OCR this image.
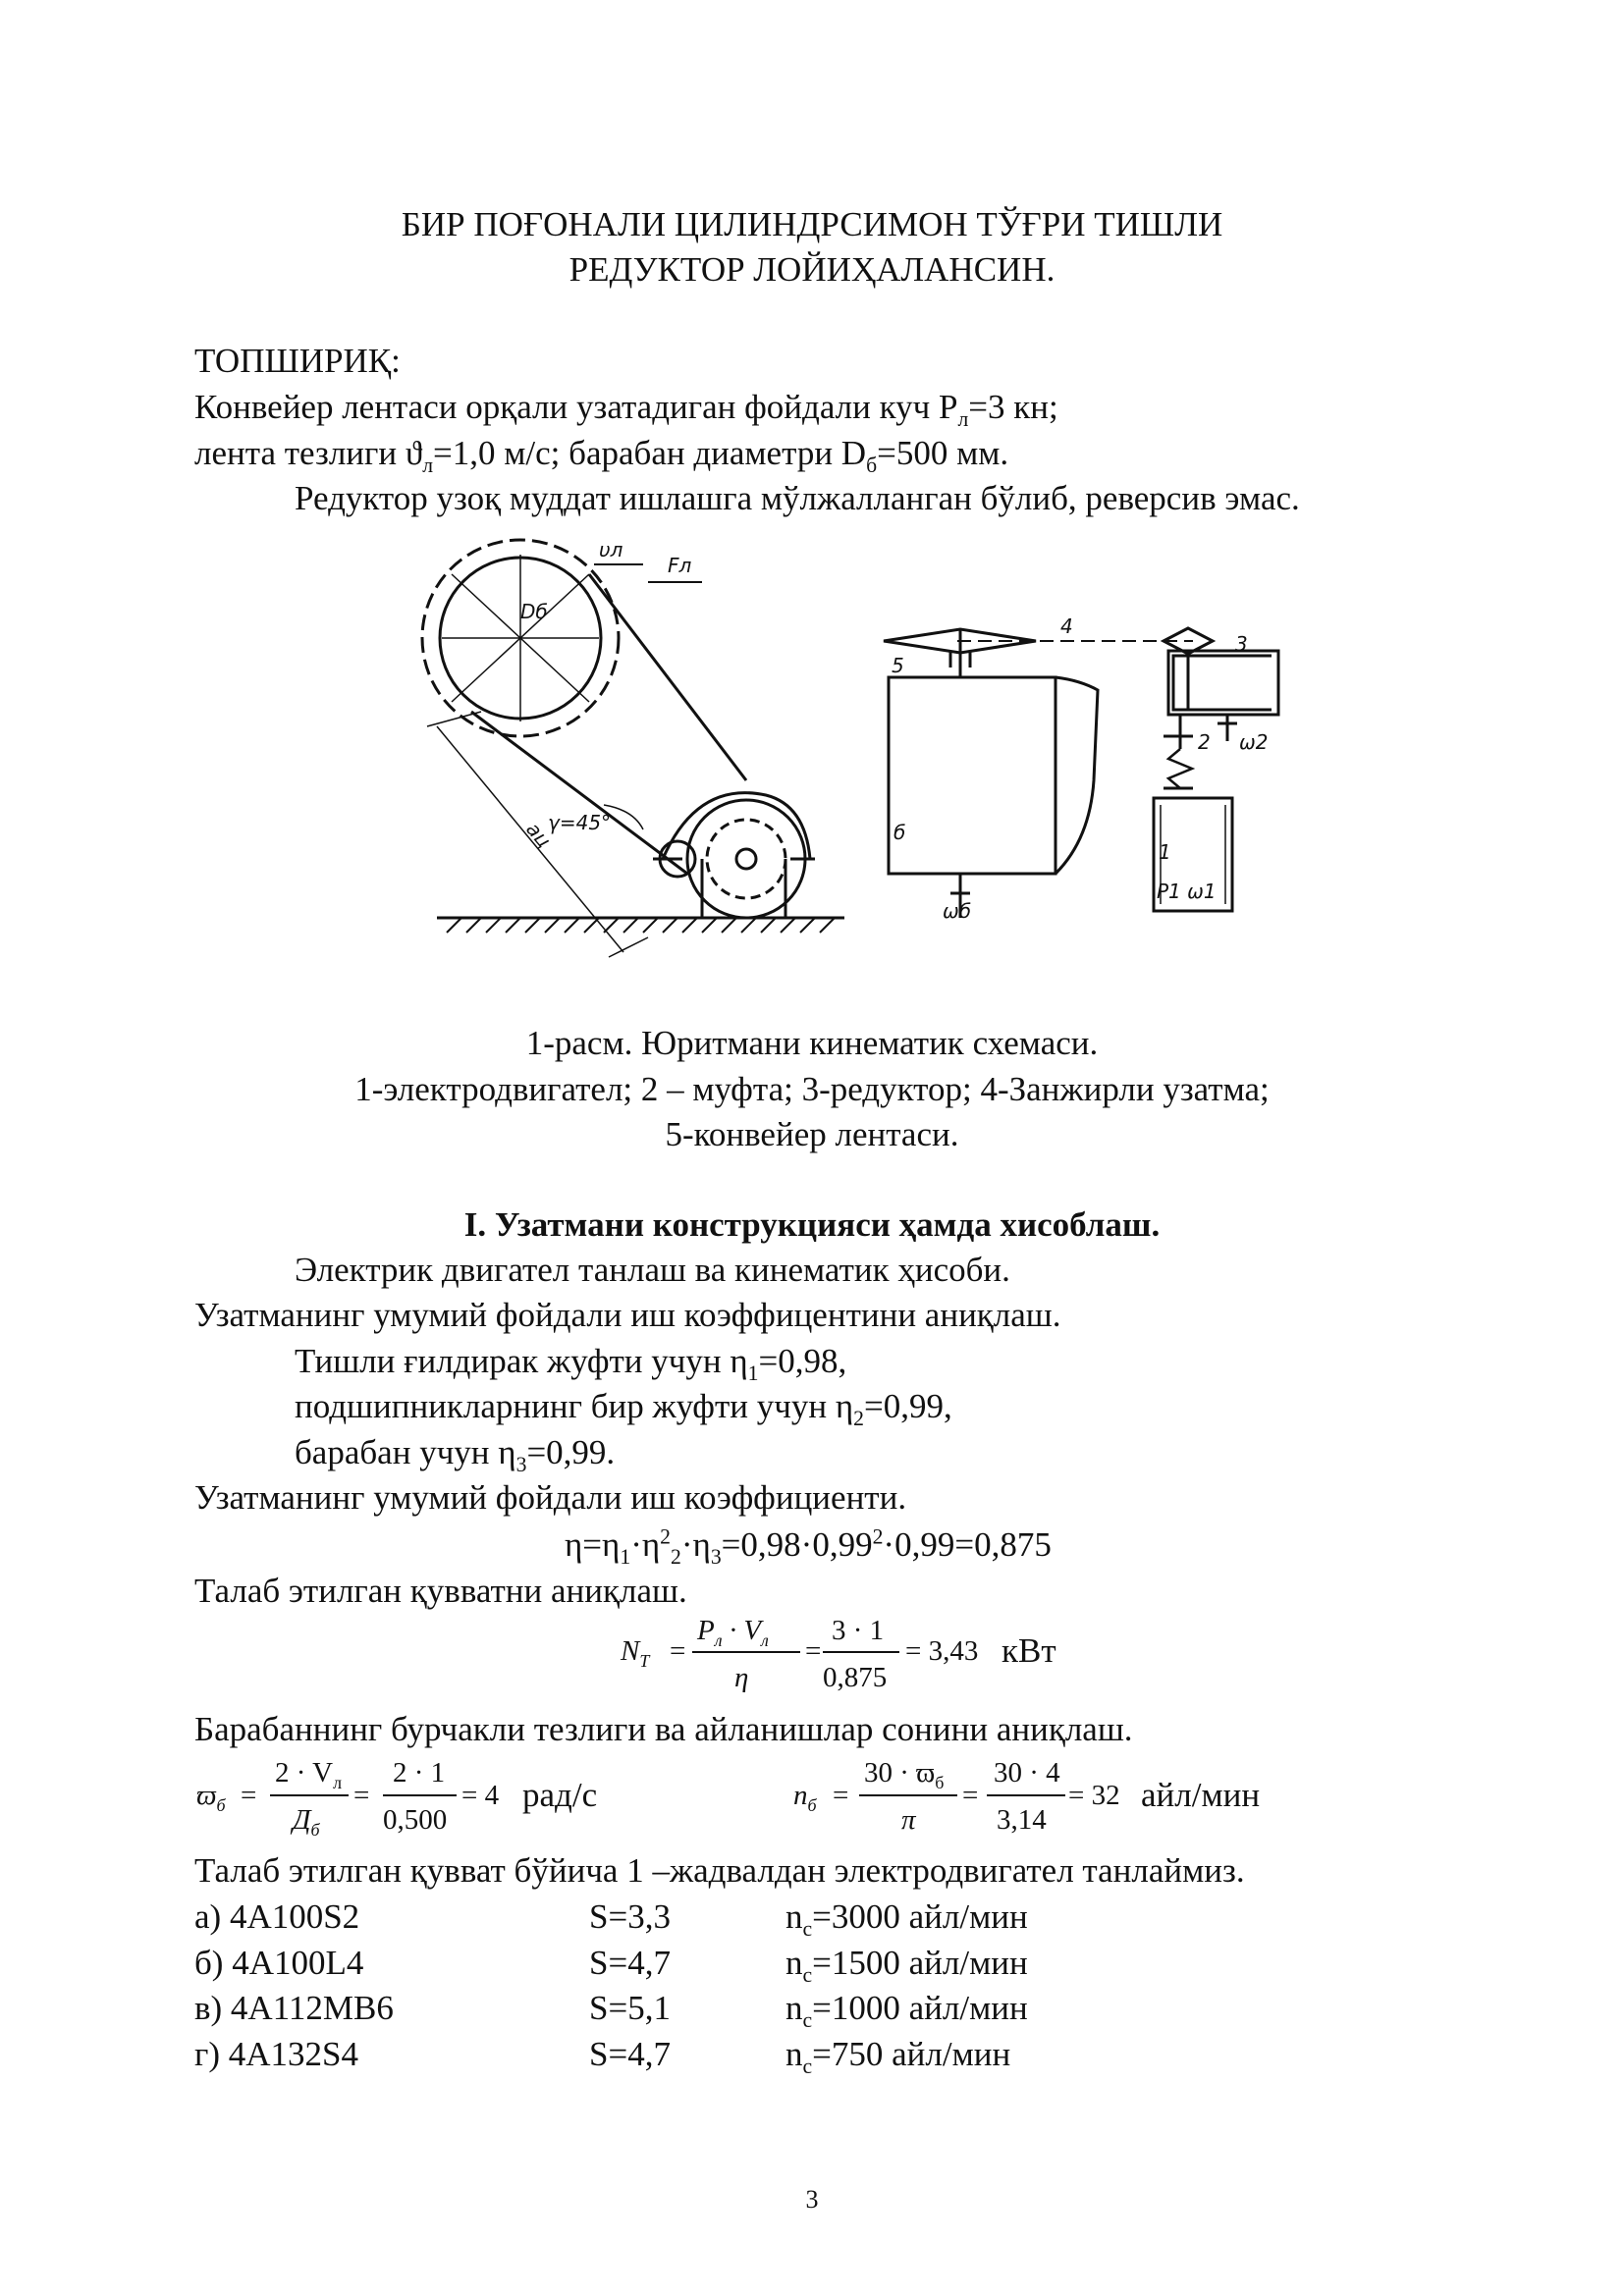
БИР ПОҒОНАЛИ ЦИЛИНДРСИМОН ТЎҒРИ ТИШЛИ
РЕДУКТОР ЛОЙИҲАЛАНСИН.
ТОПШИРИҚ:
Конвейер лентаси орқали узатадиган фойдали куч $Р_л=3$ кн;
лента тезлиги $ϑ_л=1,0$ м/с; барабан диаметри $D_б=500$ мм.
Редуктор узоқ муддат ишлашга мўлжалланган бўлиб, реверсив эмас.
υл
Fл
Dб
aц
γ=45°
4
3
5
2 ω2
б
1
ωб
P1 ω1
1-расм. Юритмани кинематик схемаси.
1-электродвигател; 2 – муфта; 3-редуктор; 4-Занжирли узатма;
5-конвейер лентаси.
I. Узатмани конструкцияси ҳамда хисоблаш.
Электрик двигател танлаш ва кинематик ҳисоби.
Узатманинг умумий фойдали иш коэффицентини аниқлаш.
Тишли ғилдирак жуфти учун $\eta_1=0,98$,
подшипникларнинг бир жуфти учун $\eta_2=0,99$,
барабан учун $\eta_3=0,99$.
Узатманинг умумий фойдали иш коэффициенти.
$\eta=\eta_1\cdot\eta^2_2\cdot\eta_3=0,98\cdot 0,99^2\cdot 0,99=0,875$
Талаб этилган қувватни аниқлаш.
$N_T$ =
$P_л \cdot V_л$
η
=
3 · 1
0,875
= 3,43 кВт
Барабаннинг бурчакли тезлиги ва айланишлар сонини аниқлаш.
$ϖ_б$ =
$2 \cdot V_л$
$Д_б$
=
2 · 1
0,500
= 4 рад/с	$n_б$ =
$30 \cdot ϖ_б$
π
=
30 · 4
3,14
= 32 айл/мин
Талаб этилган қувват бўйича 1 –жадвалдан электродвигател танлаймиз.
а) 4А100S2	S=3,3	$n_с=3000$ айл/мин
б) 4А100L4	S=4,7	$n_с=1500$ айл/мин
в) 4А112МВ6	S=5,1	$n_с=1000$ айл/мин
г) 4А132S4	S=4,7	$n_с=750$ айл/мин
3
